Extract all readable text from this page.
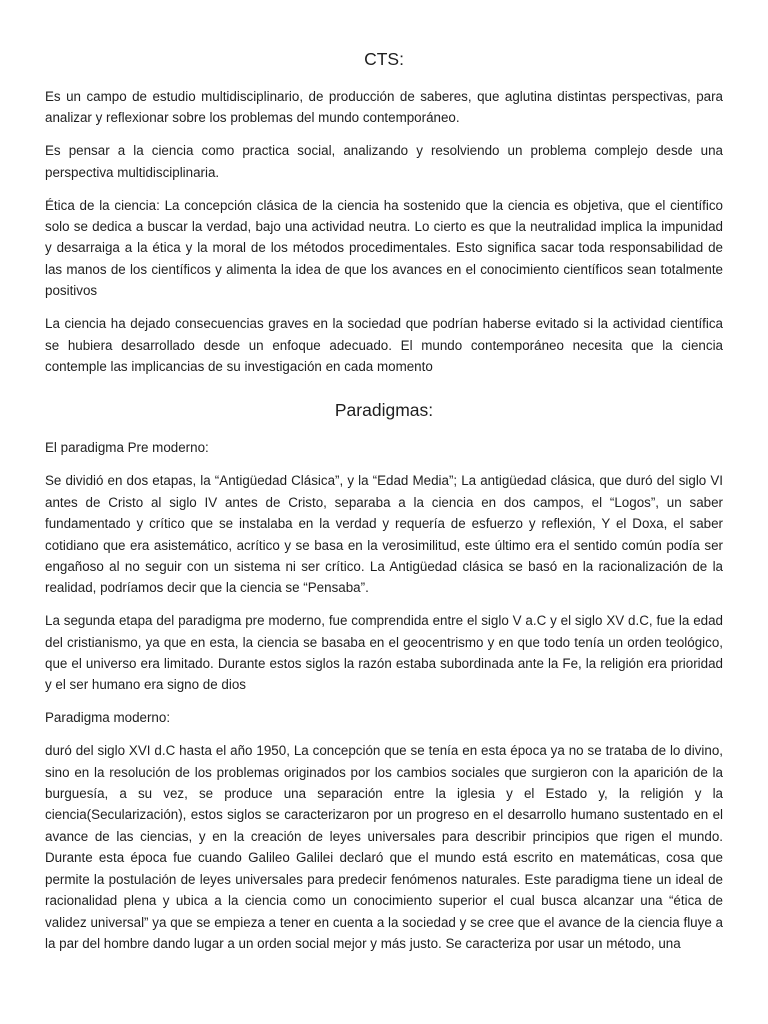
CTS:

Es un campo de estudio multidisciplinario, de producción de saberes, que aglutina distintas perspectivas, para analizar y reflexionar sobre los problemas del mundo contemporáneo.

Es pensar a la ciencia como practica social, analizando y resolviendo un problema complejo desde una perspectiva multidisciplinaria.

Ética de la ciencia: La concepción clásica de la ciencia ha sostenido que la ciencia es objetiva, que el científico solo se dedica a buscar la verdad, bajo una actividad neutra. Lo cierto es que la neutralidad implica la impunidad y desarraiga a la ética y la moral de los métodos procedimentales. Esto significa sacar toda responsabilidad de las manos de los científicos y alimenta la idea de que los avances en el conocimiento científicos sean totalmente positivos

La ciencia ha dejado consecuencias graves en la sociedad que podrían haberse evitado si la actividad científica se hubiera desarrollado desde un enfoque adecuado. El mundo contemporáneo necesita que la ciencia contemple las implicancias de su investigación en cada momento

Paradigmas:

El paradigma Pre moderno:

Se dividió en dos etapas, la “Antigüedad Clásica”, y la “Edad Media”; La antigüedad clásica, que duró del siglo VI antes de Cristo al siglo IV antes de Cristo, separaba a la ciencia en dos campos, el “Logos”, un saber fundamentado y crítico que se instalaba en la verdad y requería de esfuerzo y reflexión, Y el Doxa, el saber cotidiano que era asistemático, acrítico y se basa en la verosimilitud, este último era el sentido común podía ser engañoso al no seguir con un sistema ni ser crítico. La Antigüedad clásica se basó en la racionalización de la realidad, podríamos decir que la ciencia se “Pensaba”.

La segunda etapa del paradigma pre moderno, fue comprendida entre el siglo V a.C y el siglo XV d.C, fue la edad del cristianismo, ya que en esta, la ciencia se basaba en el geocentrismo y en que todo tenía un orden teológico, que el universo era limitado. Durante estos siglos la razón estaba subordinada ante la Fe, la religión era prioridad y el ser humano era signo de dios

Paradigma moderno:

duró del siglo XVI d.C hasta el año 1950, La concepción que se tenía en esta época ya no se trataba de lo divino, sino en la resolución de los problemas originados por los cambios sociales que surgieron con la aparición de la burguesía, a su vez, se produce una separación entre la iglesia y el Estado y, la religión y la ciencia(Secularización), estos siglos se caracterizaron por un progreso en el desarrollo humano sustentado en el avance de las ciencias, y en la creación de leyes universales para describir principios que rigen el mundo. Durante esta época fue cuando Galileo Galilei declaró que el mundo está escrito en matemáticas, cosa que permite la postulación de leyes universales para predecir fenómenos naturales. Este paradigma tiene un ideal de racionalidad plena y ubica a la ciencia como un conocimiento superior el cual busca alcanzar una “ética de validez universal” ya que se empieza a tener en cuenta a la sociedad y se cree que el avance de la ciencia fluye a la par del hombre dando lugar a un orden social mejor y más justo. Se caracteriza por usar un método, una
